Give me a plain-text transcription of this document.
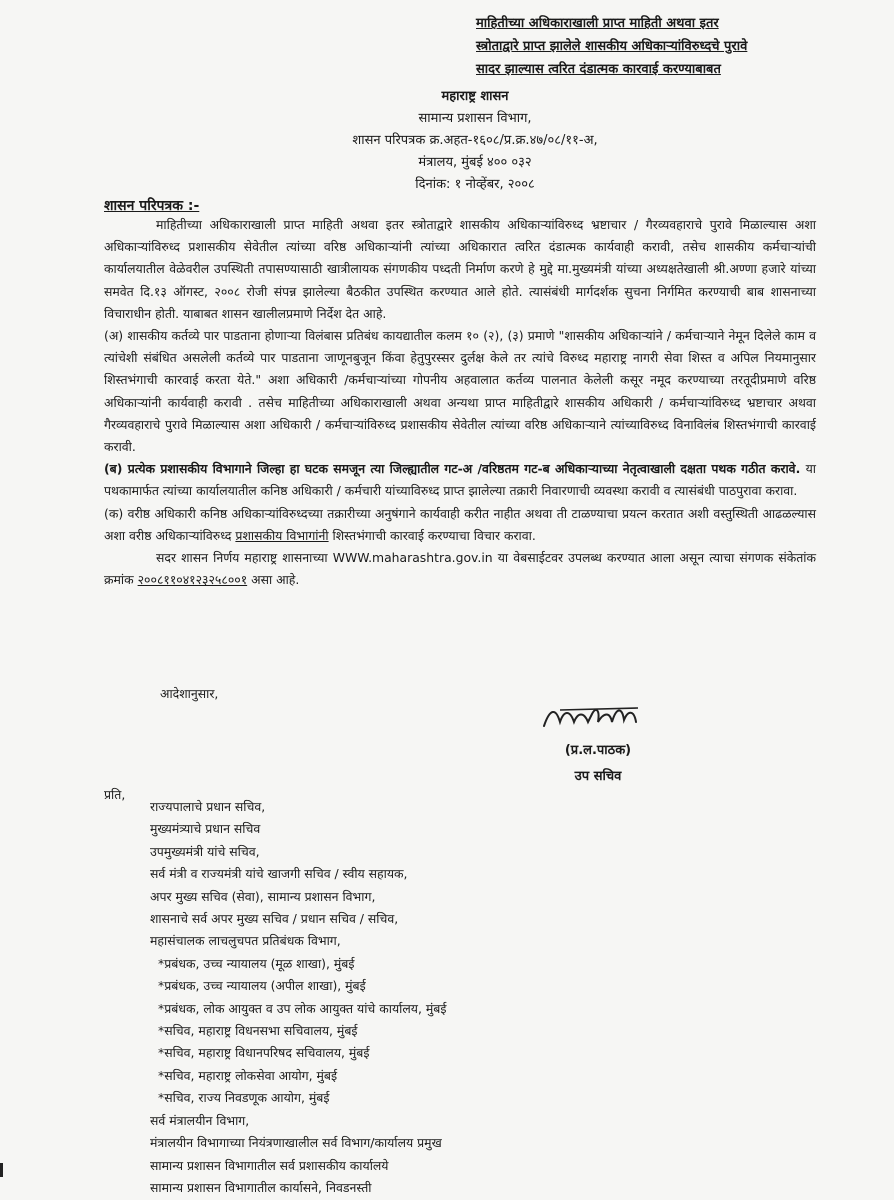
माहितीच्या अधिकाराखाली प्राप्त माहिती अथवा इतर
स्त्रोताद्वारे प्राप्त झालेले शासकीय अधिकाऱ्यांविरुध्दचे पुरावे
सादर झाल्यास त्वरित दंडात्मक कारवाई करण्याबाबत
महाराष्ट्र शासन
सामान्य प्रशासन विभाग,
शासन परिपत्रक क्र.अहत-१६०८/प्र.क्र.४७/०८/११-अ,
मंत्रालय, मुंबई ४०० ०३२
दिनांक: १ नोव्हेंबर, २००८
शासन परिपत्रक :-

माहितीच्या अधिकाराखाली प्राप्त माहिती अथवा इतर स्त्रोताद्वारे शासकीय अधिकाऱ्यांविरुध्द भ्रष्टाचार / गैरव्यवहाराचे पुरावे मिळाल्यास अशा अधिकाऱ्यांविरुध्द प्रशासकीय सेवेतील त्यांच्या वरिष्ठ अधिकाऱ्यांनी त्यांच्या अधिकारात त्वरित दंडात्मक कार्यवाही करावी, तसेच शासकीय कर्मचाऱ्यांची कार्यालयातील वेळेवरील उपस्थिती तपासण्यासाठी खात्रीलायक संगणकीय पध्दती निर्माण करणे हे मुद्दे मा.मुख्यमंत्री यांच्या अध्यक्षतेखाली श्री.अण्णा हजारे यांच्या समवेत दि.१३ ऑगस्ट, २००८ रोजी संपन्न झालेल्या बैठकीत उपस्थित करण्यात आले होते. त्यासंबंधी मार्गदर्शक सुचना निर्गमित करण्याची बाब शासनाच्या विचाराधीन होती. याबाबत शासन खालीलप्रमाणे निर्देश देत आहे.

(अ) शासकीय कर्तव्ये पार पाडताना होणाऱ्या विलंबास प्रतिबंध कायद्यातील कलम १० (२), (३) प्रमाणे "शासकीय अधिकाऱ्यांने / कर्मचाऱ्याने नेमून दिलेले काम व त्यांचेशी संबंधित असलेली कर्तव्ये पार पाडताना जाणूनबुजून किंवा हेतुपुरस्सर दुर्लक्ष केले तर त्यांचे विरुध्द महाराष्ट्र नागरी सेवा शिस्त व अपिल नियमानुसार शिस्तभंगाची कारवाई करता येते." अशा अधिकारी /कर्मचाऱ्यांच्या गोपनीय अहवालात कर्तव्य पालनात केलेली कसूर नमूद करण्याच्या तरतूदीप्रमाणे वरिष्ठ अधिकाऱ्यांनी कार्यवाही करावी . तसेच माहितीच्या अधिकाराखाली अथवा अन्यथा प्राप्त माहितीद्वारे शासकीय अधिकारी / कर्मचाऱ्यांविरुध्द भ्रष्टाचार अथवा गैरव्यवहाराचे पुरावे मिळाल्यास अशा अधिकारी / कर्मचाऱ्यांविरुध्द प्रशासकीय सेवेतील त्यांच्या वरिष्ठ अधिकाऱ्याने त्यांच्याविरुध्द विनाविलंब शिस्तभंगाची कारवाई करावी.

(ब) प्रत्येक प्रशासकीय विभागाने जिल्हा हा घटक समजून त्या जिल्ह्यातील गट-अ /वरिष्ठतम गट-ब अधिकाऱ्याच्या नेतृत्वाखाली दक्षता पथक गठीत करावे. या पथकामार्फत त्यांच्या कार्यालयातील कनिष्ठ अधिकारी / कर्मचारी यांच्याविरुध्द प्राप्त झालेल्या तक्रारी निवारणाची व्यवस्था करावी व त्यासंबंधी पाठपुरावा करावा.

(क) वरीष्ठ अधिकारी कनिष्ठ अधिकाऱ्यांविरुध्दच्या तक्रारीच्या अनुषंगाने कार्यवाही करीत नाहीत अथवा ती टाळण्याचा प्रयत्न करतात अशी वस्तुस्थिती आढळल्यास अशा वरीष्ठ अधिकाऱ्यांविरुध्द प्रशासकीय विभागांनी शिस्तभंगाची कारवाई करण्याचा विचार करावा.

सदर शासन निर्णय महाराष्ट्र शासनाच्या WWW.maharashtra.gov.in या वेबसाईटवर उपलब्ध करण्यात आला असून त्याचा संगणक संकेतांक क्रमांक २००८११०४१२३२५८००१ असा आहे.

आदेशानुसार,
(प्र.ल.पाठक)
उप सचिव
प्रति,
राज्यपालाचे प्रधान सचिव,
मुख्यमंत्र्याचे प्रधान सचिव
उपमुख्यमंत्री यांचे सचिव,
सर्व मंत्री व राज्यमंत्री यांचे खाजगी सचिव / स्वीय सहायक,
अपर मुख्य सचिव (सेवा), सामान्य प्रशासन विभाग,
शासनाचे सर्व अपर मुख्य सचिव / प्रधान सचिव / सचिव,
महासंचालक लाचलुचपत प्रतिबंधक विभाग,
*प्रबंधक, उच्च न्यायालय (मूळ शाखा), मुंबई
*प्रबंधक, उच्च न्यायालय (अपील शाखा), मुंबई
*प्रबंधक, लोक आयुक्त व उप लोक आयुक्त यांचे कार्यालय, मुंबई
*सचिव, महाराष्ट्र विधनसभा सचिवालय, मुंबई
*सचिव, महाराष्ट्र विधानपरिषद सचिवालय, मुंबई
*सचिव, महाराष्ट्र लोकसेवा आयोग, मुंबई
*सचिव, राज्य निवडणूक आयोग, मुंबई
सर्व मंत्रालयीन विभाग,
मंत्रालयीन विभागाच्या नियंत्रणाखालील सर्व विभाग/कार्यालय प्रमुख
सामान्य प्रशासन विभागातील सर्व प्रशासकीय कार्यालये
सामान्य प्रशासन विभागातील कार्यासने, निवडनस्ती
